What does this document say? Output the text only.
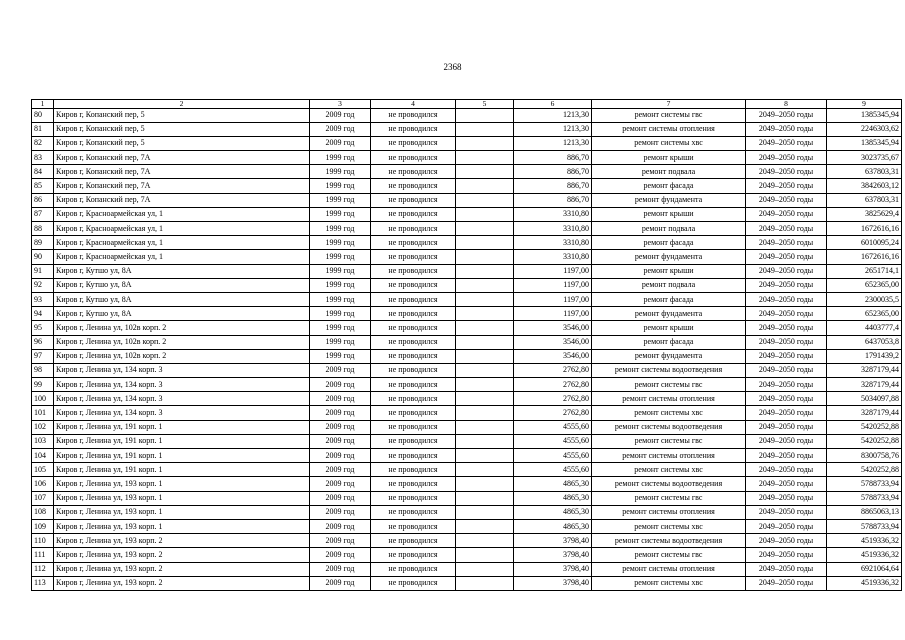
2368
1	2	3	4	5	6	7	8	9
80	Киров г, Копанский пер, 5	2009 год	не проводился		1213,30	ремонт системы гвс	2049–2050 годы	1385345,94
81	Киров г, Копанский пер, 5	2009 год	не проводился		1213,30	ремонт системы отопления	2049–2050 годы	2246303,62
82	Киров г, Копанский пер, 5	2009 год	не проводился		1213,30	ремонт системы хвс	2049–2050 годы	1385345,94
83	Киров г, Копанский пер, 7А	1999 год	не проводился		886,70	ремонт крыши	2049–2050 годы	3023735,67
84	Киров г, Копанский пер, 7А	1999 год	не проводился		886,70	ремонт подвала	2049–2050 годы	637803,31
85	Киров г, Копанский пер, 7А	1999 год	не проводился		886,70	ремонт фасада	2049–2050 годы	3842603,12
86	Киров г, Копанский пер, 7А	1999 год	не проводился		886,70	ремонт фундамента	2049–2050 годы	637803,31
87	Киров г, Красноармейская ул, 1	1999 год	не проводился		3310,80	ремонт крыши	2049–2050 годы	3825629,4
88	Киров г, Красноармейская ул, 1	1999 год	не проводился		3310,80	ремонт подвала	2049–2050 годы	1672616,16
89	Киров г, Красноармейская ул, 1	1999 год	не проводился		3310,80	ремонт фасада	2049–2050 годы	6010095,24
90	Киров г, Красноармейская ул, 1	1999 год	не проводился		3310,80	ремонт фундамента	2049–2050 годы	1672616,16
91	Киров г, Кутшо ул, 8А	1999 год	не проводился		1197,00	ремонт крыши	2049–2050 годы	2651714,1
92	Киров г, Кутшо ул, 8А	1999 год	не проводился		1197,00	ремонт подвала	2049–2050 годы	652365,00
93	Киров г, Кутшо ул, 8А	1999 год	не проводился		1197,00	ремонт фасада	2049–2050 годы	2300035,5
94	Киров г, Кутшо ул, 8А	1999 год	не проводился		1197,00	ремонт фундамента	2049–2050 годы	652365,00
95	Киров г, Ленина ул, 102в корп. 2	1999 год	не проводился		3546,00	ремонт крыши	2049–2050 годы	4403777,4
96	Киров г, Ленина ул, 102в корп. 2	1999 год	не проводился		3546,00	ремонт фасада	2049–2050 годы	6437053,8
97	Киров г, Ленина ул, 102в корп. 2	1999 год	не проводился		3546,00	ремонт фундамента	2049–2050 годы	1791439,2
98	Киров г, Ленина ул, 134 корп. 3	2009 год	не проводился		2762,80	ремонт системы водоотведения	2049–2050 годы	3287179,44
99	Киров г, Ленина ул, 134 корп. 3	2009 год	не проводился		2762,80	ремонт системы гвс	2049–2050 годы	3287179,44
100	Киров г, Ленина ул, 134 корп. 3	2009 год	не проводился		2762,80	ремонт системы отопления	2049–2050 годы	5034097,88
101	Киров г, Ленина ул, 134 корп. 3	2009 год	не проводился		2762,80	ремонт системы хвс	2049–2050 годы	3287179,44
102	Киров г, Ленина ул, 191 корп. 1	2009 год	не проводился		4555,60	ремонт системы водоотведения	2049–2050 годы	5420252,88
103	Киров г, Ленина ул, 191 корп. 1	2009 год	не проводился		4555,60	ремонт системы гвс	2049–2050 годы	5420252,88
104	Киров г, Ленина ул, 191 корп. 1	2009 год	не проводился		4555,60	ремонт системы отопления	2049–2050 годы	8300758,76
105	Киров г, Ленина ул, 191 корп. 1	2009 год	не проводился		4555,60	ремонт системы хвс	2049–2050 годы	5420252,88
106	Киров г, Ленина ул, 193 корп. 1	2009 год	не проводился		4865,30	ремонт системы водоотведения	2049–2050 годы	5788733,94
107	Киров г, Ленина ул, 193 корп. 1	2009 год	не проводился		4865,30	ремонт системы гвс	2049–2050 годы	5788733,94
108	Киров г, Ленина ул, 193 корп. 1	2009 год	не проводился		4865,30	ремонт системы отопления	2049–2050 годы	8865063,13
109	Киров г, Ленина ул, 193 корп. 1	2009 год	не проводился		4865,30	ремонт системы хвс	2049–2050 годы	5788733,94
110	Киров г, Ленина ул, 193 корп. 2	2009 год	не проводился		3798,40	ремонт системы водоотведения	2049–2050 годы	4519336,32
111	Киров г, Ленина ул, 193 корп. 2	2009 год	не проводился		3798,40	ремонт системы гвс	2049–2050 годы	4519336,32
112	Киров г, Ленина ул, 193 корп. 2	2009 год	не проводился		3798,40	ремонт системы отопления	2049–2050 годы	6921064,64
113	Киров г, Ленина ул, 193 корп. 2	2009 год	не проводился		3798,40	ремонт системы хвс	2049–2050 годы	4519336,32
